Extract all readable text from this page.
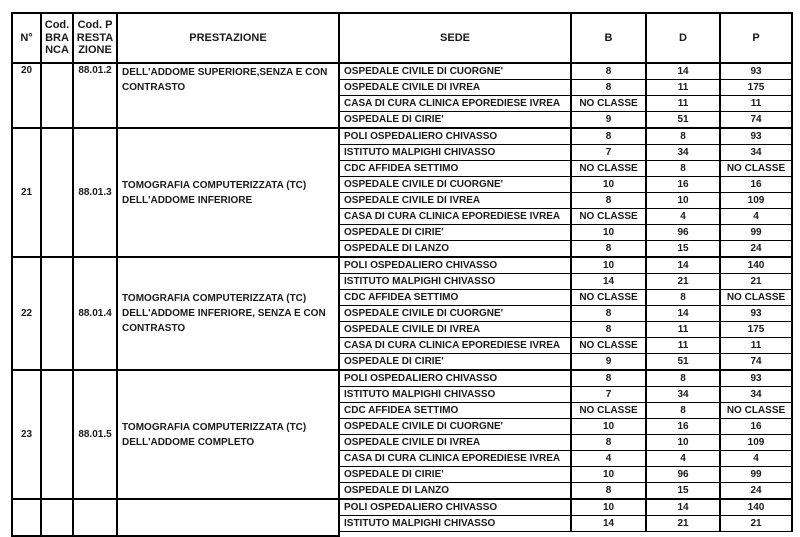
N°	Cod. BRANCA	Cod. PRESTAZIONE	PRESTAZIONE	SEDE	B	D	P
20		88.01.2	DELL'ADDOME SUPERIORE,SENZA E CON CONTRASTO	OSPEDALE CIVILE DI CUORGNE'	8	14	93
				OSPEDALE CIVILE DI IVREA	8	11	175
				CASA DI CURA CLINICA EPOREDIESE IVREA	NO CLASSE	11	11
				OSPEDALE DI CIRIE'	9	51	74
21		88.01.3	TOMOGRAFIA COMPUTERIZZATA (TC) DELL'ADDOME INFERIORE	POLI OSPEDALIERO CHIVASSO	8	8	93
				ISTITUTO MALPIGHI CHIVASSO	7	34	34
				CDC AFFIDEA SETTIMO	NO CLASSE	8	NO CLASSE
				OSPEDALE CIVILE DI CUORGNE'	10	16	16
				OSPEDALE CIVILE DI IVREA	8	10	109
				CASA DI CURA CLINICA EPOREDIESE IVREA	NO CLASSE	4	4
				OSPEDALE DI CIRIE'	10	96	99
				OSPEDALE DI LANZO	8	15	24
22		88.01.4	TOMOGRAFIA COMPUTERIZZATA (TC) DELL'ADDOME INFERIORE, SENZA E CON CONTRASTO	POLI OSPEDALIERO CHIVASSO	10	14	140
				ISTITUTO MALPIGHI CHIVASSO	14	21	21
				CDC AFFIDEA SETTIMO	NO CLASSE	8	NO CLASSE
				OSPEDALE CIVILE DI CUORGNE'	8	14	93
				OSPEDALE CIVILE DI IVREA	8	11	175
				CASA DI CURA CLINICA EPOREDIESE IVREA	NO CLASSE	11	11
				OSPEDALE DI CIRIE'	9	51	74
23		88.01.5	TOMOGRAFIA COMPUTERIZZATA (TC) DELL'ADDOME COMPLETO	POLI OSPEDALIERO CHIVASSO	8	8	93
				ISTITUTO MALPIGHI CHIVASSO	7	34	34
				CDC AFFIDEA SETTIMO	NO CLASSE	8	NO CLASSE
				OSPEDALE CIVILE DI CUORGNE'	10	16	16
				OSPEDALE CIVILE DI IVREA	8	10	109
				CASA DI CURA CLINICA EPOREDIESE IVREA	4	4	4
				OSPEDALE DI CIRIE'	10	96	99
				OSPEDALE DI LANZO	8	15	24
				POLI OSPEDALIERO CHIVASSO	10	14	140
				ISTITUTO MALPIGHI CHIVASSO	14	21	21
